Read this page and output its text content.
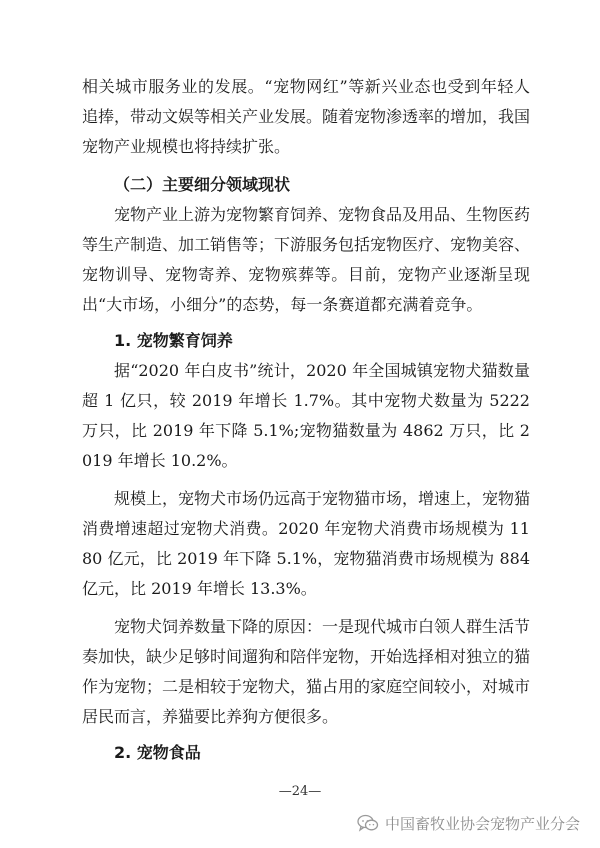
相关城市服务业的发展。“宠物网红”等新兴业态也受到年轻人追捧，带动文娱等相关产业发展。随着宠物渗透率的增加，我国宠物产业规模也将持续扩张。

（二）主要细分领域现状

宠物产业上游为宠物繁育饲养、宠物食品及用品、生物医药等生产制造、加工销售等；下游服务包括宠物医疗、宠物美容、宠物训导、宠物寄养、宠物殡葬等。目前，宠物产业逐渐呈现出“大市场，小细分”的态势，每一条赛道都充满着竞争。

1. 宠物繁育饲养

据“2020 年白皮书”统计，2020 年全国城镇宠物犬猫数量超 1 亿只，较 2019 年增长 1.7%。其中宠物犬数量为 5222 万只，比 2019 年下降 5.1%;宠物猫数量为 4862 万只，比 2019 年增长 10.2%。

规模上，宠物犬市场仍远高于宠物猫市场，增速上，宠物猫消费增速超过宠物犬消费。2020 年宠物犬消费市场规模为 1180 亿元，比 2019 年下降 5.1%，宠物猫消费市场规模为 884 亿元，比 2019 年增长 13.3%。

宠物犬饲养数量下降的原因：一是现代城市白领人群生活节奏加快，缺少足够时间遛狗和陪伴宠物，开始选择相对独立的猫作为宠物；二是相较于宠物犬，猫占用的家庭空间较小，对城市居民而言，养猫要比养狗方便很多。

2. 宠物食品

—24—
中国畜牧业协会宠物产业分会
